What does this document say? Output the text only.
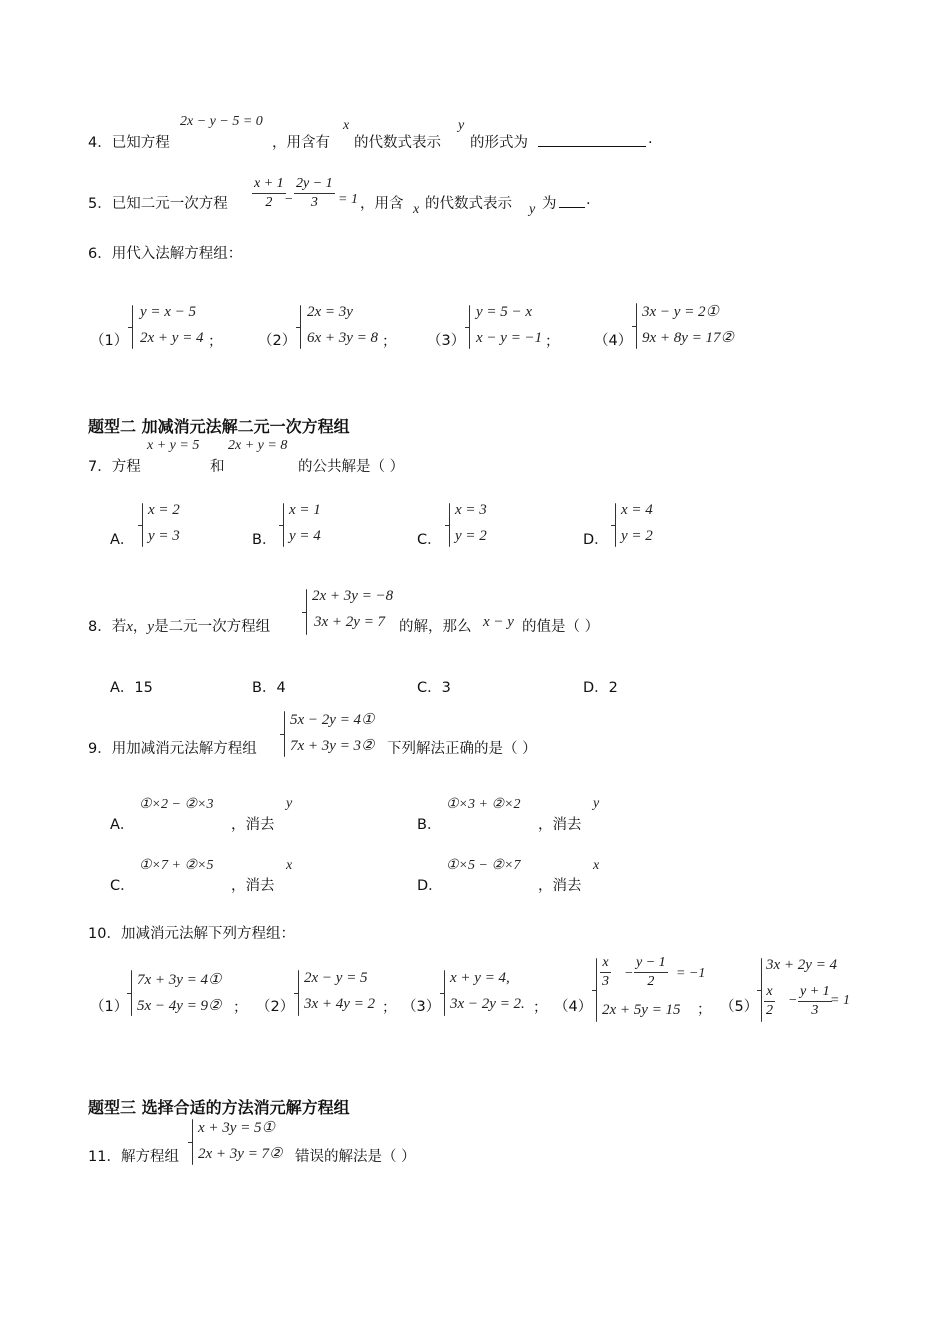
4．已知方程
2x − y − 5 = 0
，用含有
x
的代数式表示
y
的形式为	.
5．已知二元一次方程
x + 1
2 −
2y − 1
3 = 1 ，用含 x 的代数式表示 y 为 .
6．用代入法解方程组：
（1）
y = x − 5
2x + y = 4 ； （2）
2x = 3y
6x + 3y = 8 ； （3）
y = 5 − x
x − y = −1 ； （4）
3x − y = 2①
9x + 8y = 17②
题型二 加减消元法解二元一次方程组
7．方程
x + y = 5
和
2x + y = 8
的公共解是（ ）
A．
x = 2
y = 3	B．
x = 1
y = 4	C．
x = 3
y = 2	D．
x = 4
y = 2
8．若x，y是二元一次方程组
2x + 3y = −8
3x + 2y = 7 的解，那么 x − y 的值是（ ）
A．15	B．4	C．3	D．2
9．用加减消元法解方程组
5x − 2y = 4①
7x + 3y = 3② 下列解法正确的是（ ）
A．
①×2 − ②×3
，消去
y
B．
①×3 + ②×2
，消去
y
C．
①×7 + ②×5
，消去
x
D．
①×5 − ②×7
，消去
x
10．加减消元法解下列方程组：
（1）
7x + 3y = 4①
5x − 4y = 9② ； （2）
2x − y = 5
3x + 4y = 2 ； （3）
x + y = 4,
3x − 2y = 2. ； （4）
x
3
−
y − 1
2
= −1
2x + 5y = 15 ； （5）
3x + 2y = 4
x
2
−
y + 1
3
= 1
题型三 选择合适的方法消元解方程组
11．解方程组
x + 3y = 5①
2x + 3y = 7② 错误的解法是（ ）
